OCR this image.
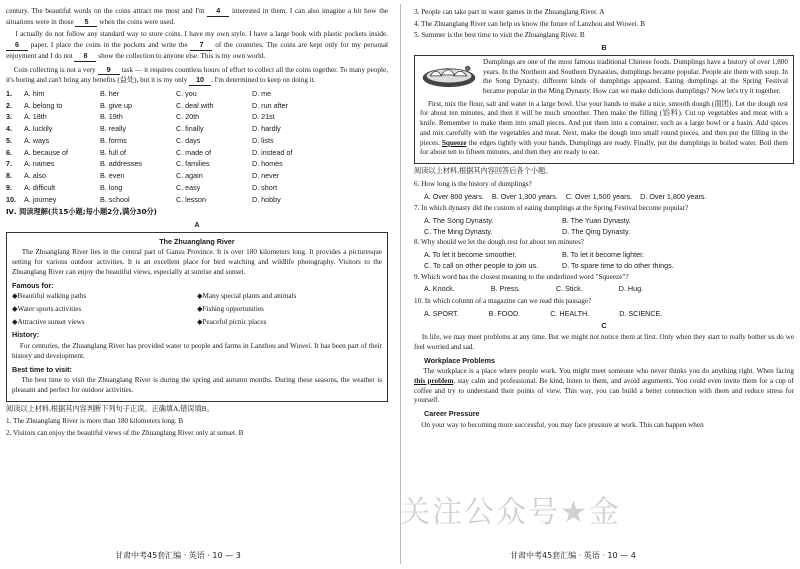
century. The beautiful words on the coins attract me most and I'm 4 interested in them. I can also imagine a bit how the situations were in those 5 when the coins were used.

I actually do not follow any standard way to store coins. I have my own style. I have a large book with plastic pockets inside. 6 paper. I place the coins in the pockets and write the 7 of the countries. The coins are kept only for my personal enjoyment and I do not 8 show the collection to anyone else. This is my own world.

Coin collecting is not a very 9 task — it requires countless hours of effort to collect all the coins together. To many people, it's boring and can't bring any benefits (益处), but it is my only 10 . I'm determined to keep on doing it.

1.	A. him	B. her	C. you	D. me
2.	A. belong to	B. give up	C. deal with	D. run after
3.	A. 18th	B. 19th	C. 20th	D. 21st
4.	A. luckily	B. really	C. finally	D. hardly
5.	A. ways	B. forms	C. days	D. lists
6.	A. because of	B. full of	C. made of	D. instead of
7.	A. names	B. addresses	C. families	D. homes
8.	A. also	B. even	C. again	D. never
9.	A. difficult	B. long	C. easy	D. short
10.	A. journey	B. school	C. lesson	D. hobby
Ⅳ. 阅读理解(共15小题;每小题2分,满分30分)
A
The Zhuanglang River

The Zhuanglang River lies in the central part of Gansu Province. It is over 180 kilometers long. It provides a picturesque setting for various outdoor activities. It is an excellent place for bird watching and wildlife photography. Visitors to the Zhuanglang River can enjoy the beautiful views, especially at sunrise and sunset.

Famous for:
◆Beautiful walking paths	◆Many special plants and animals
◆Water sports activities	◆Fishing opportunities
◆Attractive sunset views	◆Peaceful picnic places
History:

For centuries, the Zhuanglang River has provided water to people and farms in Lanzhou and Wuwei. It has been part of their history and development.

Best time to visit:

The best time to visit the Zhuanglang River is during the spring and autumn months. During these seasons, the weather is pleasant and perfect for outdoor activities.

阅读以上材料,根据其内容判断下列句子正误。正确填A,错误填B。

1. The Zhuanglang River is more than 180 kilometers long. B
2. Visitors can enjoy the beautiful views of the Zhuanglang River only at sunset. B
甘肃中考45套汇编 · 英语 · 10 — 3
3. People can take part in water games in the Zhuanglang River. A
4. The Zhuanglang River can help us know the future of Lanzhou and Wuwei. B
5. Summer is the best time to visit the Zhuanglang River. B
B

Dumplings are one of the most famous traditional Chinese foods. Dumplings have a history of over 1,800 years. In the Northern and Southern Dynasties, dumplings became popular. People ate them with soup. In the Song Dynasty, different kinds of dumplings appeared. Eating dumplings at the Spring Festival became popular in the Ming Dynasty. How can we make delicious dumplings? Now let's try it together.

First, mix the flour, salt and water in a large bowl. Use your hands to make a nice, smooth dough (面团). Let the dough rest for about ten minutes, and then it will be much smoother. Then make the filling (馅料). Cut up vegetables and meat with a knife. Remember to make them into small pieces. And put them into a container, such as a large bowl or a basin. Add spices and mix carefully with the vegetables and meat. Next, make the dough into small round pieces, and then put the filling in the pieces. Squeeze the edges tightly with your hands. Dumplings are ready. Finally, put the dumplings in boiled water. Boil them for about ten to fifteen minutes, and then they are ready to eat.

阅读以上材料,根据其内容回答后各个小题。

6. How long is the history of dumplings?
A. Over 800 years. B. Over 1,300 years. C. Over 1,500 years. D. Over 1,800 years.
7. In which dynasty did the custom of eating dumplings at the Spring Festival become popular?
A. The Song Dynasty.	B. The Yuan Dynasty.
C. The Ming Dynasty.	D. The Qing Dynasty.
8. Why should we let the dough rest for about ten minutes?
A. To let it become smoother.	B. To let it become lighter.
C. To call on other people to join us.	D. To spare time to do other things.
9. Which word has the closest meaning to the underlined word "Squeeze"?
A. Knock.	B. Press.	C. Stick.	D. Hug.
10. In which column of a magazine can we read this passage?
A. SPORT.	B. FOOD.	C. HEALTH.	D. SCIENCE.
C

In life, we may meet problems at any time. But we might not notice them at first. Only when they start to really bother us do we feel worried and sad.

Workplace Problems

The workplace is a place where people work. You might meet someone who never thinks you do anything right. When facing this problem, stay calm and professional. Be kind, listen to them, and avoid arguments. You could even invite them for a cup of coffee and try to understand their points of view. This way, you can build a better connection with them and reduce stress for yourself.

Career Pressure

On your way to becoming more successful, you may face pressure at work. This can happen when

甘肃中考45套汇编 · 英语 · 10 — 4
关注公众号★金
